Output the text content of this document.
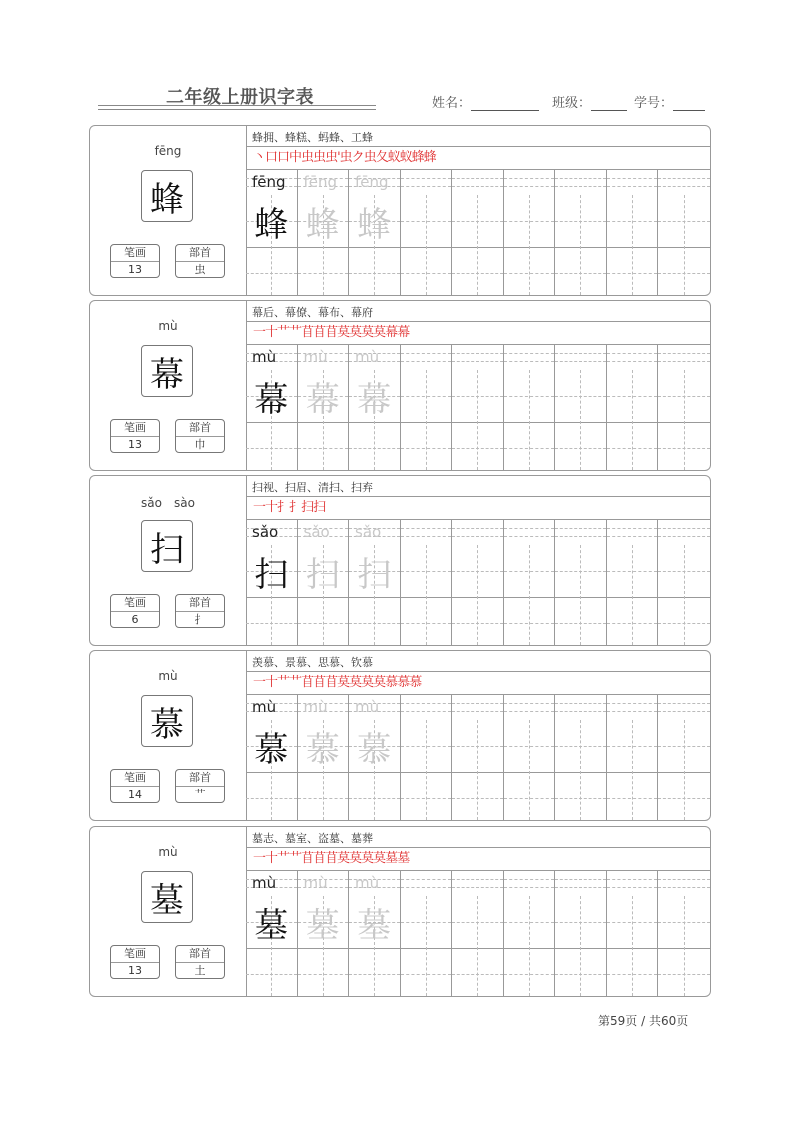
二年级上册识字表	姓名：	班级：	学号：
fēng
蜂
笔画
13
部首
虫
蜂拥、蜂糕、蚂蜂、工蜂
丶口口中虫虫虫'虫ク虫夂蚁蚁蜂蜂
fēng fēng fēng
蜂 蜂 蜂
mù
幕
笔画
13
部首
巾
幕后、幕僚、幕布、幕府
一十艹艹苜苜苜莫莫莫莫幕幕
mù mù mù
幕 幕 幕
sǎo　sào
扫
笔画
6
部首
扌
扫视、扫眉、清扫、扫弃
一十扌扌扫扫
sǎo sǎo sǎo
扫 扫 扫
mù
慕
笔画
14
部首
艹
羡慕、景慕、思慕、钦慕
一十艹艹苜苜苜莫莫莫莫慕慕慕
mù mù mù
慕 慕 慕
mù
墓
笔画
13
部首
土
墓志、墓室、盗墓、墓葬
一十艹艹苜苜苜莫莫莫莫墓墓
mù mù mù
墓 墓 墓
第59页 / 共60页
